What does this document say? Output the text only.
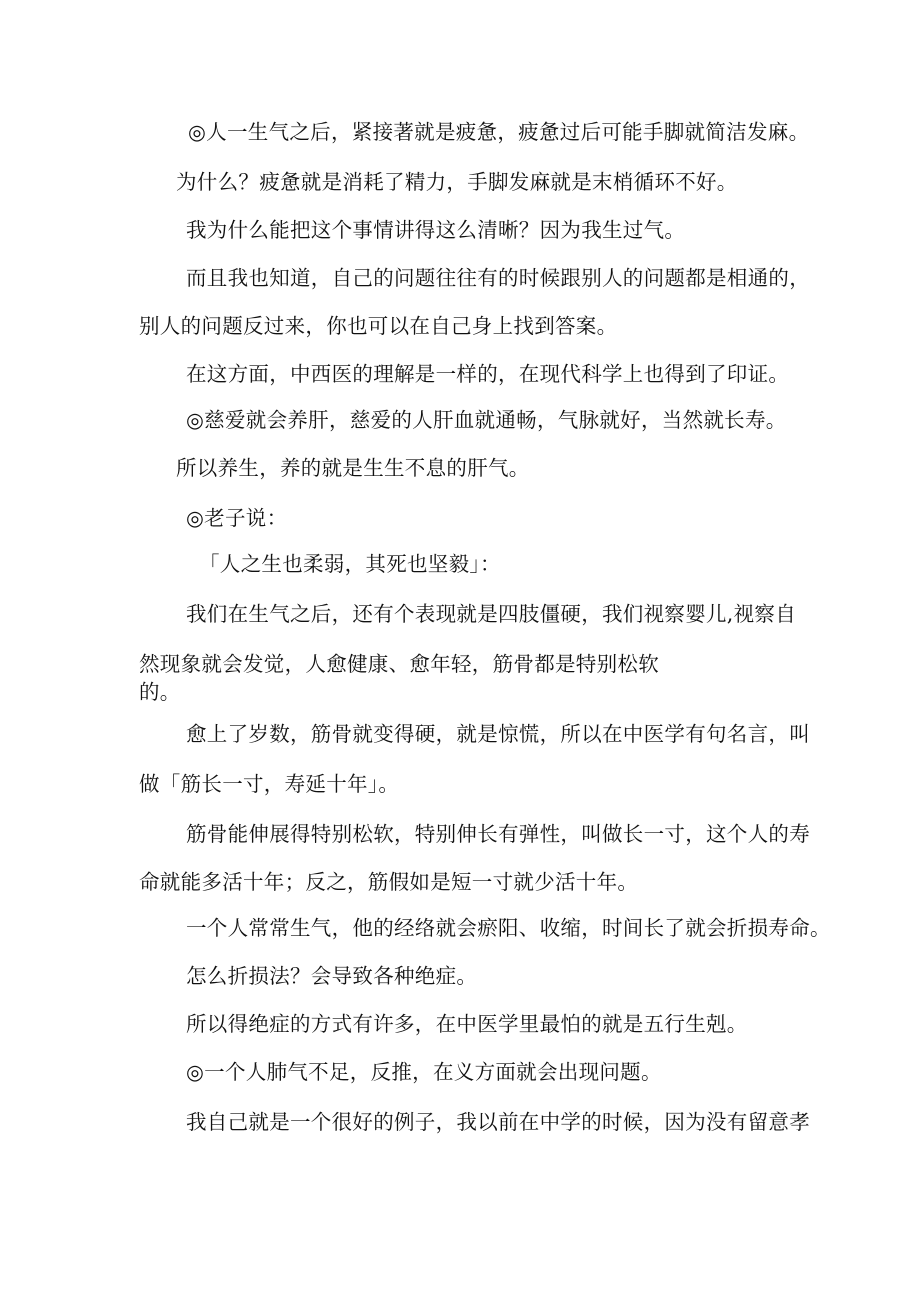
◎人一生气之后，紧接著就是疲惫，疲惫过后可能手脚就简洁发麻。
为什么？疲惫就是消耗了精力，手脚发麻就是末梢循环不好。
我为什么能把这个事情讲得这么清晰？因为我生过气。
而且我也知道，自己的问题往往有的时候跟别人的问题都是相通的，
别人的问题反过来，你也可以在自己身上找到答案。
在这方面，中西医的理解是一样的，在现代科学上也得到了印证。
◎慈爱就会养肝，慈爱的人肝血就通畅，气脉就好，当然就长寿。
所以养生，养的就是生生不息的肝气。
◎老子说：
「人之生也柔弱，其死也坚毅」：
我们在生气之后，还有个表现就是四肢僵硬，我们视察婴儿,视察自
然现象就会发觉，人愈健康、愈年轻，筋骨都是特别松软
的。
愈上了岁数，筋骨就变得硬，就是惊慌，所以在中医学有句名言，叫
做「筋长一寸，寿延十年」。
筋骨能伸展得特别松软，特别伸长有弹性，叫做长一寸，这个人的寿
命就能多活十年；反之，筋假如是短一寸就少活十年。
一个人常常生气，他的经络就会瘀阳、收缩，时间长了就会折损寿命。
怎么折损法？会导致各种绝症。
所以得绝症的方式有许多，在中医学里最怕的就是五行生剋。
◎一个人肺气不足，反推，在义方面就会出现问题。
我自己就是一个很好的例子，我以前在中学的时候，因为没有留意孝
